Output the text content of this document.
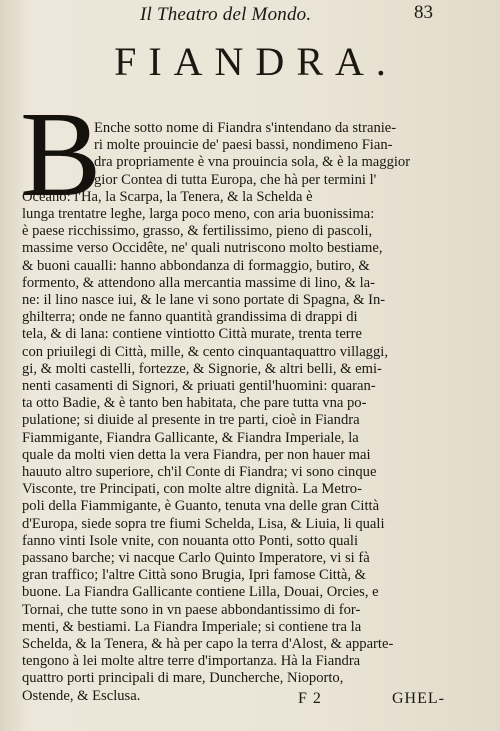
Il Theatro del Mondo.	83
FIANDRA.
B
Enche sotto nome di Fiandra s'intendano da stranie-
ri molte prouincie de' paesi bassi, nondimeno Fian-
dra propriamente è vna prouincia sola, & è la maggior
gior Contea di tutta Europa, che hà per termini l'
Oceano: l'Ha, la Scarpa, la Tenera, & la Schelda è
lunga trentatre leghe, larga poco meno, con aria buonissima:
è paese ricchissimo, grasso, & fertilissimo, pieno di pascoli,
massime verso Occidête, ne' quali nutriscono molto bestiame,
& buoni caualli: hanno abbondanza di formaggio, butiro, &
formento, & attendono alla mercantia massime di lino, & la-
ne: il lino nasce iui, & le lane vi sono portate di Spagna, & In-
ghilterra; onde ne fanno quantità grandissima di drappi di
tela, & di lana: contiene vintiotto Città murate, trenta terre
con priuilegi di Città, mille, & cento cinquantaquattro villaggi,
gi, & molti castelli, fortezze, & Signorie, & altri belli, & emi-
nenti casamenti di Signori, & priuati gentil'huomini: quaran-
ta otto Badie, & è tanto ben habitata, che pare tutta vna po-
pulatione; si diuide al presente in tre parti, cioè in Fiandra
Fiammigante, Fiandra Gallicante, & Fiandra Imperiale, la
quale da molti vien detta la vera Fiandra, per non hauer mai
hauuto altro superiore, ch'il Conte di Fiandra; vi sono cinque
Visconte, tre Principati, con molte altre dignità. La Metro-
poli della Fiammigante, è Guanto, tenuta vna delle gran Città
d'Europa, siede sopra tre fiumi Schelda, Lisa, & Liuia, li quali
fanno vinti Isole vnite, con nouanta otto Ponti, sotto quali
passano barche; vi nacque Carlo Quinto Imperatore, vi si fà
gran traffico; l'altre Città sono Brugia, Ipri famose Città, &
buone. La Fiandra Gallicante contiene Lilla, Douai, Orcies, e
Tornai, che tutte sono in vn paese abbondantissimo di for-
menti, & bestiami. La Fiandra Imperiale; si contiene tra la
Schelda, & la Tenera, & hà per capo la terra d'Alost, & apparte-
tengono à lei molte altre terre d'importanza. Hà la Fiandra
quattro porti principali di mare, Duncherche, Nioporto,
Ostende, & Esclusa.	F 2	GHEL-
